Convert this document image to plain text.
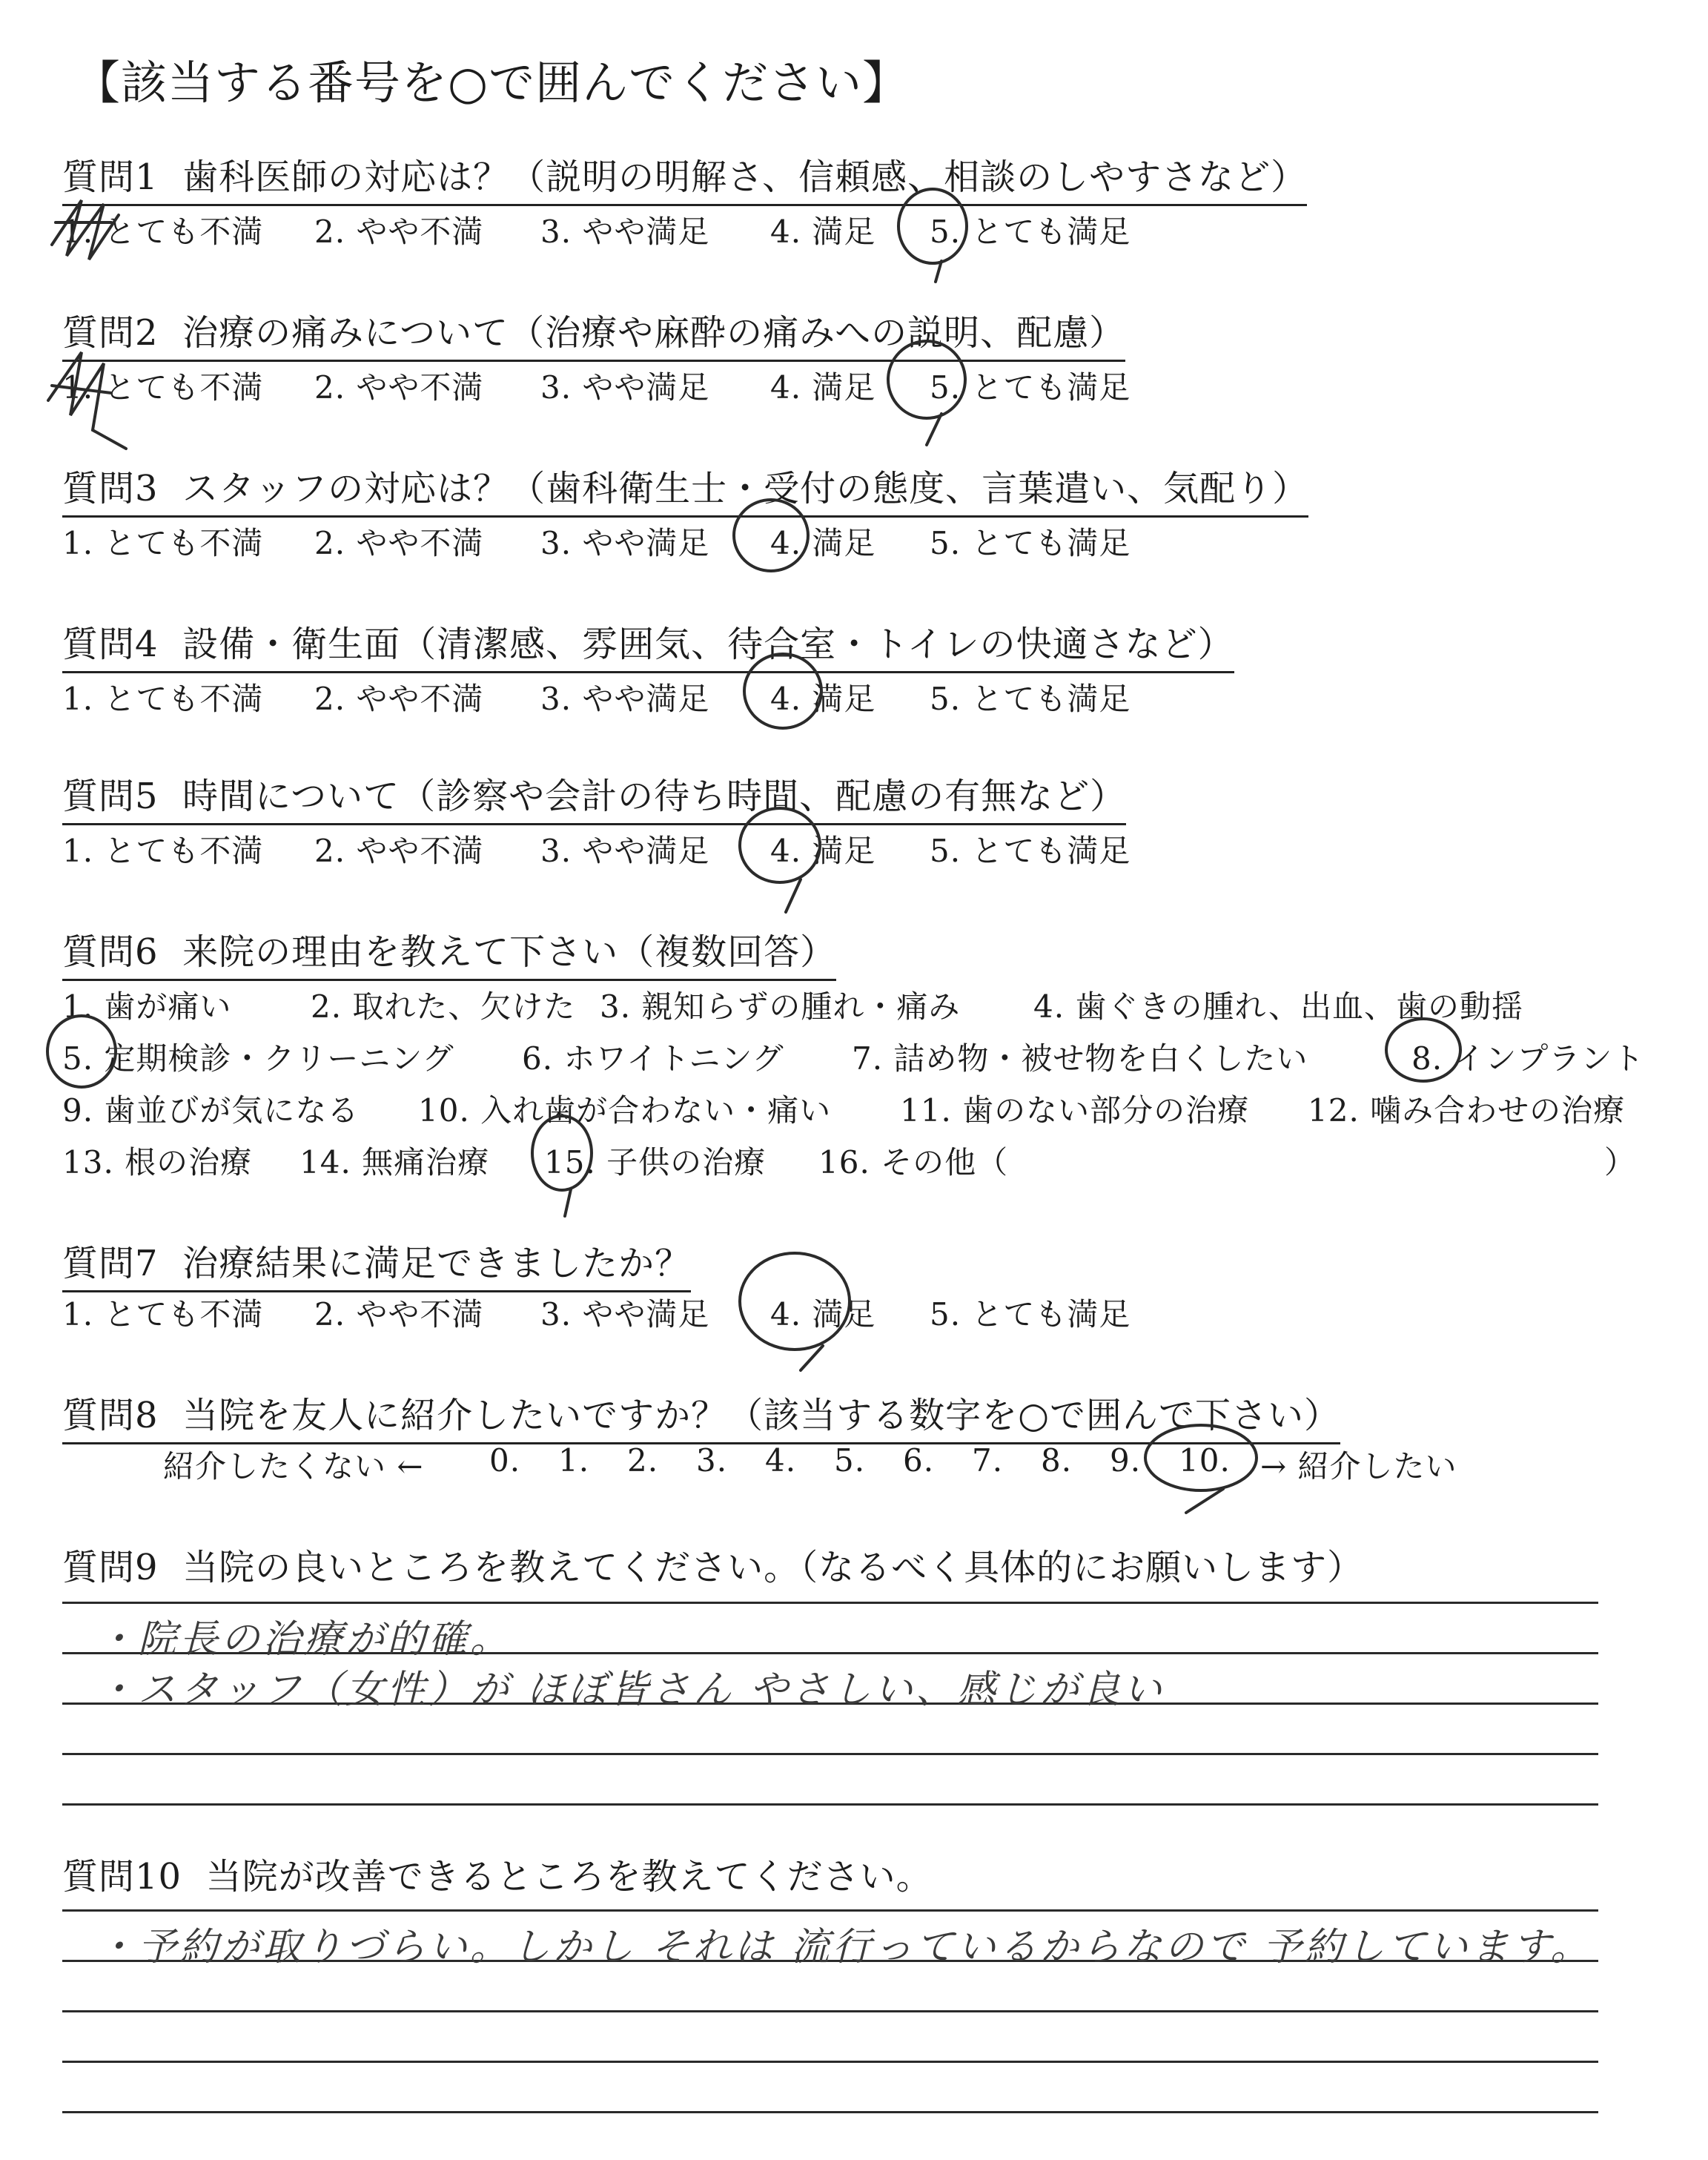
【該当する番号を○で囲んでください】
質問1 歯科医師の対応は？（説明の明解さ、信頼感、相談のしやすさなど）
1. とても不満 2. やや不満 3. やや満足 4. 満足 5. とても満足
質問2 治療の痛みについて（治療や麻酔の痛みへの説明、配慮）
1. とても不満 2. やや不満 3. やや満足 4. 満足 5. とても満足
質問3 スタッフの対応は？（歯科衛生士・受付の態度、言葉遣い、気配り）
1. とても不満 2. やや不満 3. やや満足 4. 満足 5. とても満足
質問4 設備・衛生面（清潔感、雰囲気、待合室・トイレの快適さなど）
1. とても不満 2. やや不満 3. やや満足 4. 満足 5. とても満足
質問5 時間について（診察や会計の待ち時間、配慮の有無など）
1. とても不満 2. やや不満 3. やや満足 4. 満足 5. とても満足
質問6 来院の理由を教えて下さい（複数回答）
1. 歯が痛い	2. 取れた、欠けた 3. 親知らずの腫れ・痛み 4. 歯ぐきの腫れ、出血、歯の動揺
5. 定期検診・クリーニング 6. ホワイトニング 7. 詰め物・被せ物を白くしたい	8. インプラント
9. 歯並びが気になる 10. 入れ歯が合わない・痛い 11. 歯のない部分の治療 12. 噛み合わせの治療
13. 根の治療 14. 無痛治療 15. 子供の治療 16. その他（	）
質問7 治療結果に満足できましたか？
1. とても不満 2. やや不満 3. やや満足 4. 満足 5. とても満足
質問8 当院を友人に紹介したいですか？（該当する数字を○で囲んで下さい）
紹介したくない ← 0. 1. 2. 3. 4. 5. 6. 7. 8. 9. 10. → 紹介したい
質問9 当院の良いところを教えてください。（なるべく具体的にお願いします）
・院長の治療が的確。
・スタッフ（女性）が ほぼ皆さん やさしい、感じが良い
質問10 当院が改善できるところを教えてください。
・予約が取りづらい。しかし それは 流行っているからなので 予約しています。
